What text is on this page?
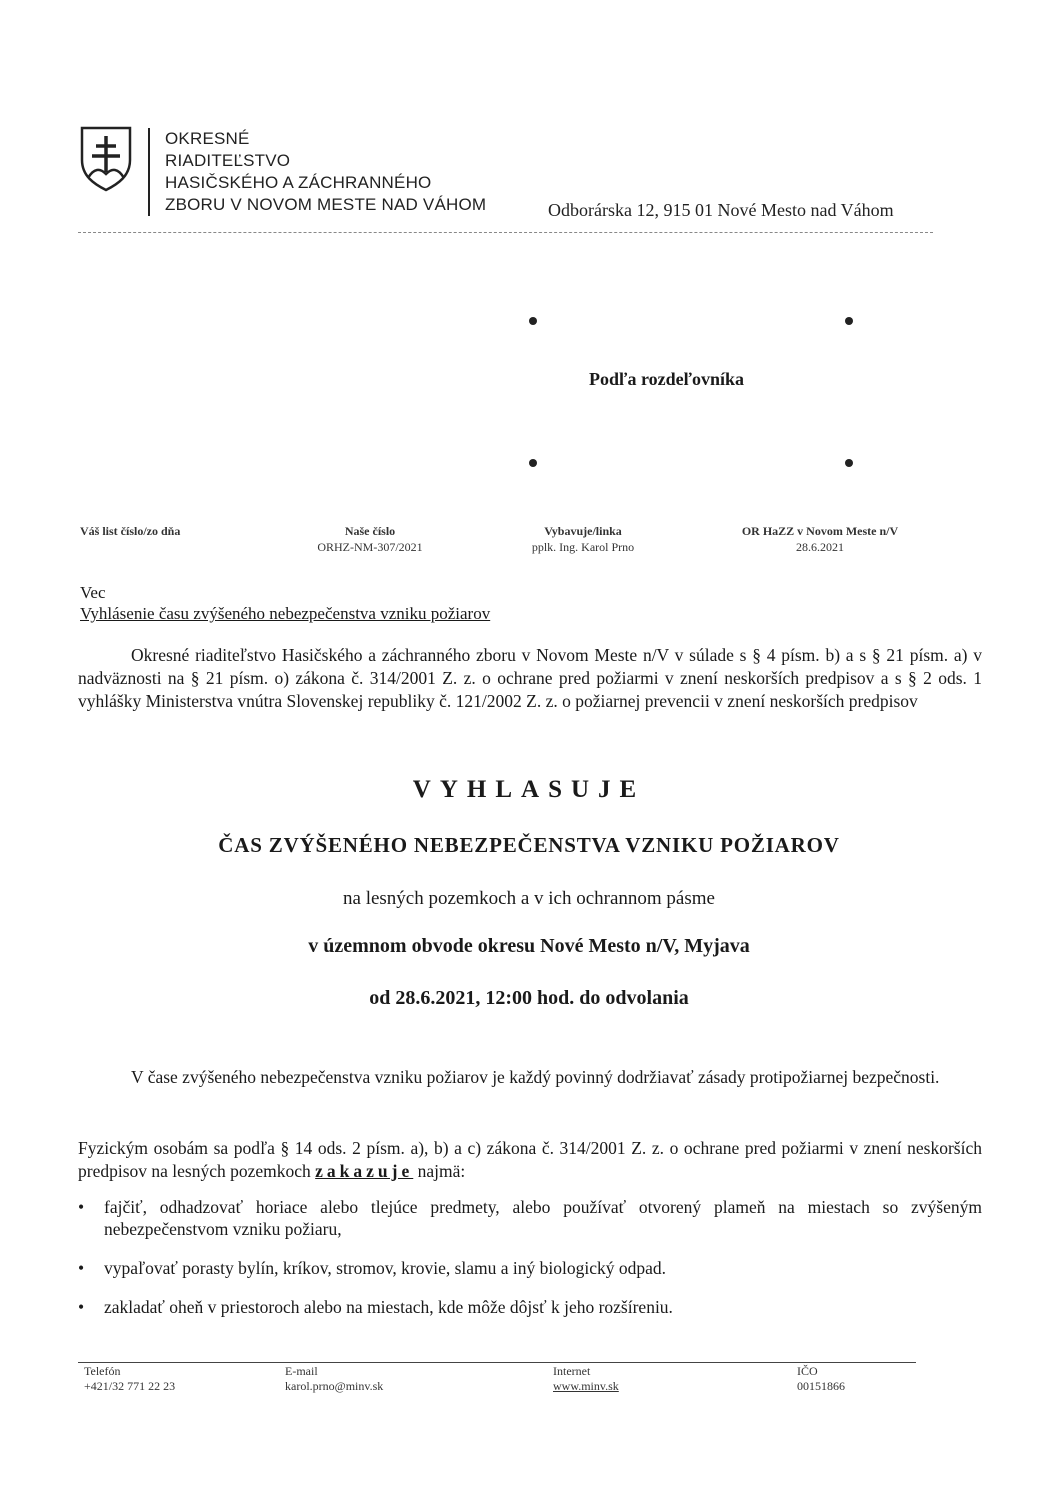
OKRESNÉ
RIADITEĽSTVO
HASIČSKÉHO A ZÁCHRANNÉHO
ZBORU V NOVOM MESTE NAD VÁHOM	Odborárska 12, 915 01 Nové Mesto nad Váhom
Podľa rozdeľovníka
Váš list číslo/zo dňa	Naše číslo
ORHZ-NM-307/2021
Vybavuje/linka
pplk. Ing. Karol Prno
OR HaZZ v Novom Meste n/V
28.6.2021
Vec
Vyhlásenie času zvýšeného nebezpečenstva vzniku požiarov
Okresné riaditeľstvo Hasičského a záchranného zboru v Novom Meste n/V v súlade s § 4 písm. b) a s § 21 písm. a) v nadväznosti na § 21 písm. o) zákona č. 314/2001 Z. z. o ochrane pred požiarmi v znení neskorších predpisov a s § 2 ods. 1 vyhlášky Ministerstva vnútra Slovenskej republiky č. 121/2002 Z. z. o požiarnej prevencii v znení neskorších predpisov
VYHLASUJE
ČAS ZVÝŠENÉHO NEBEZPEČENSTVA VZNIKU POŽIAROV
na lesných pozemkoch a v ich ochrannom pásme
v územnom obvode okresu Nové Mesto n/V, Myjava
od 28.6.2021, 12:00 hod. do odvolania
V čase zvýšeného nebezpečenstva vzniku požiarov je každý povinný dodržiavať zásady protipožiarnej bezpečnosti.
Fyzickým osobám sa podľa § 14 ods. 2 písm. a), b) a c) zákona č. 314/2001 Z. z. o ochrane pred požiarmi v znení neskorších predpisov na lesných pozemkoch zakazuje najmä:
• fajčiť, odhadzovať horiace alebo tlejúce predmety, alebo používať otvorený plameň na miestach so zvýšeným nebezpečenstvom vzniku požiaru,
• vypaľovať porasty bylín, kríkov, stromov, krovie, slamu a iný biologický odpad.
• zakladať oheň v priestoroch alebo na miestach, kde môže dôjsť k jeho rozšíreniu.
Telefón
+421/32 771 22 23
E-mail
karol.prno@minv.sk
Internet
www.minv.sk
IČO
00151866
